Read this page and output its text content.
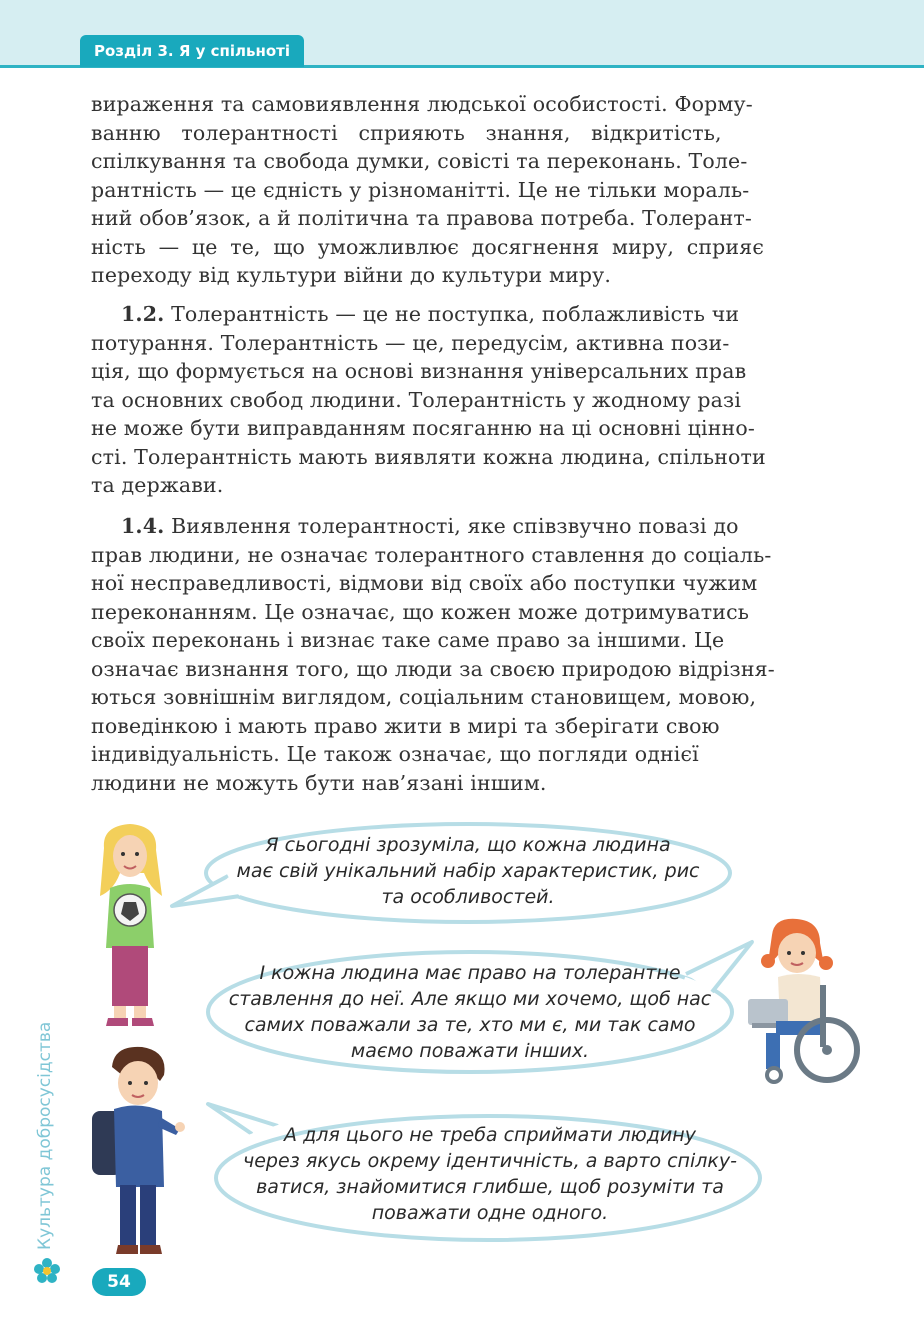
Розділ 3. Я у спільноті
вираження та самовиявлення людської особистості. Форму-
ванню толерантності сприяють знання, відкритість,
спілкування та свобода думки, совісті та переконань. Толе-
рантність — це єдність у різноманітті. Це не тільки мораль-
ний обов’язок, а й політична та правова потреба. Толерант-
ність — це те, що уможливлює досягнення миру, сприяє
переходу від культури війни до культури миру.
1.2. Толерантність — це не поступка, поблажливість чи
потурання. Толерантність — це, передусім, активна пози-
ція, що формується на основі визнання універсальних прав
та основних свобод людини. Толерантність у жодному разі
не може бути виправданням посяганню на ці основні цінно-
сті. Толерантність мають виявляти кожна людина, спільноти
та держави.
1.4. Виявлення толерантності, яке співзвучно повазі до
прав людини, не означає толерантного ставлення до соціаль-
ної несправедливості, відмови від своїх або поступки чужим
переконанням. Це означає, що кожен може дотримуватись
своїх переконань і визнає таке саме право за іншими. Це
означає визнання того, що люди за своєю природою відрізня-
ються зовнішнім виглядом, соціальним становищем, мовою,
поведінкою і мають право жити в мирі та зберігати свою
індивідуальність. Це також означає, що погляди однієї
людини не можуть бути нав’язані іншим.
Я сьогодні зрозуміла, що кожна людина
має свій унікальний набір характеристик, рис
та особливостей.
І кожна людина має право на толерантне
ставлення до неї. Але якщо ми хочемо, щоб нас
самих поважали за те, хто ми є, ми так само
маємо поважати інших.
А для цього не треба сприймати людину
через якусь окрему ідентичність, а варто спілку-
ватися, знайомитися глибше, щоб розуміти та
поважати одне одного.
Культура добросусідства
54
